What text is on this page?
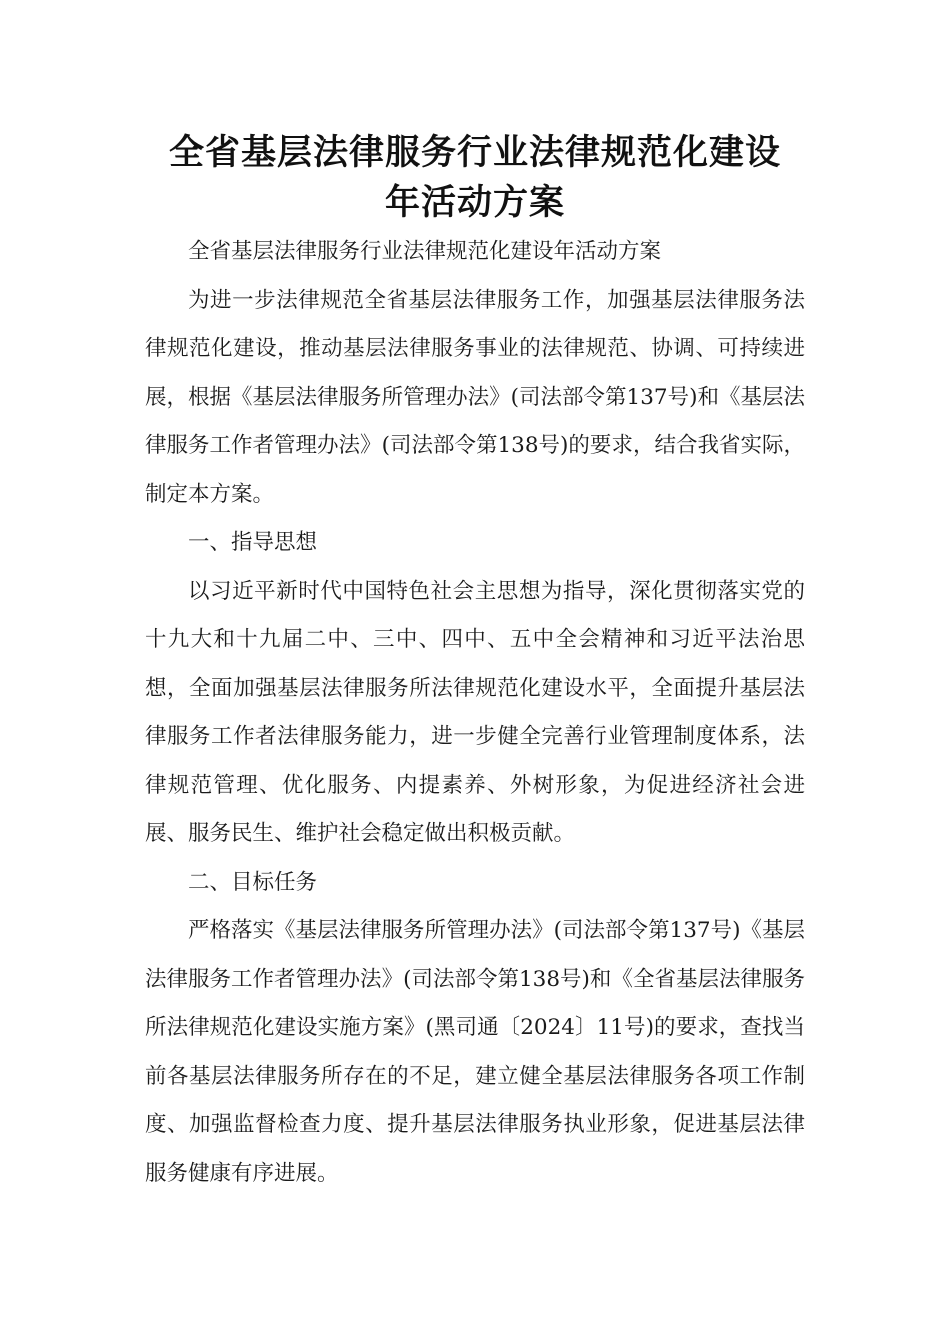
全省基层法律服务行业法律规范化建设
年活动方案

全省基层法律服务行业法律规范化建设年活动方案

为进一步法律规范全省基层法律服务工作，加强基层法律服务法律规范化建设，推动基层法律服务事业的法律规范、协调、可持续进展，根据《基层法律服务所管理办法》(司法部令第137号)和《基层法律服务工作者管理办法》(司法部令第138号)的要求，结合我省实际，制定本方案。

一、指导思想

以习近平新时代中国特色社会主思想为指导，深化贯彻落实党的十九大和十九届二中、三中、四中、五中全会精神和习近平法治思想，全面加强基层法律服务所法律规范化建设水平，全面提升基层法律服务工作者法律服务能力，进一步健全完善行业管理制度体系，法律规范管理、优化服务、内提素养、外树形象，为促进经济社会进展、服务民生、维护社会稳定做出积极贡献。

二、目标任务

严格落实《基层法律服务所管理办法》(司法部令第137号)《基层法律服务工作者管理办法》(司法部令第138号)和《全省基层法律服务所法律规范化建设实施方案》(黑司通〔2024〕11号)的要求，查找当前各基层法律服务所存在的不足，建立健全基层法律服务各项工作制度、加强监督检查力度、提升基层法律服务执业形象，促进基层法律服务健康有序进展。
